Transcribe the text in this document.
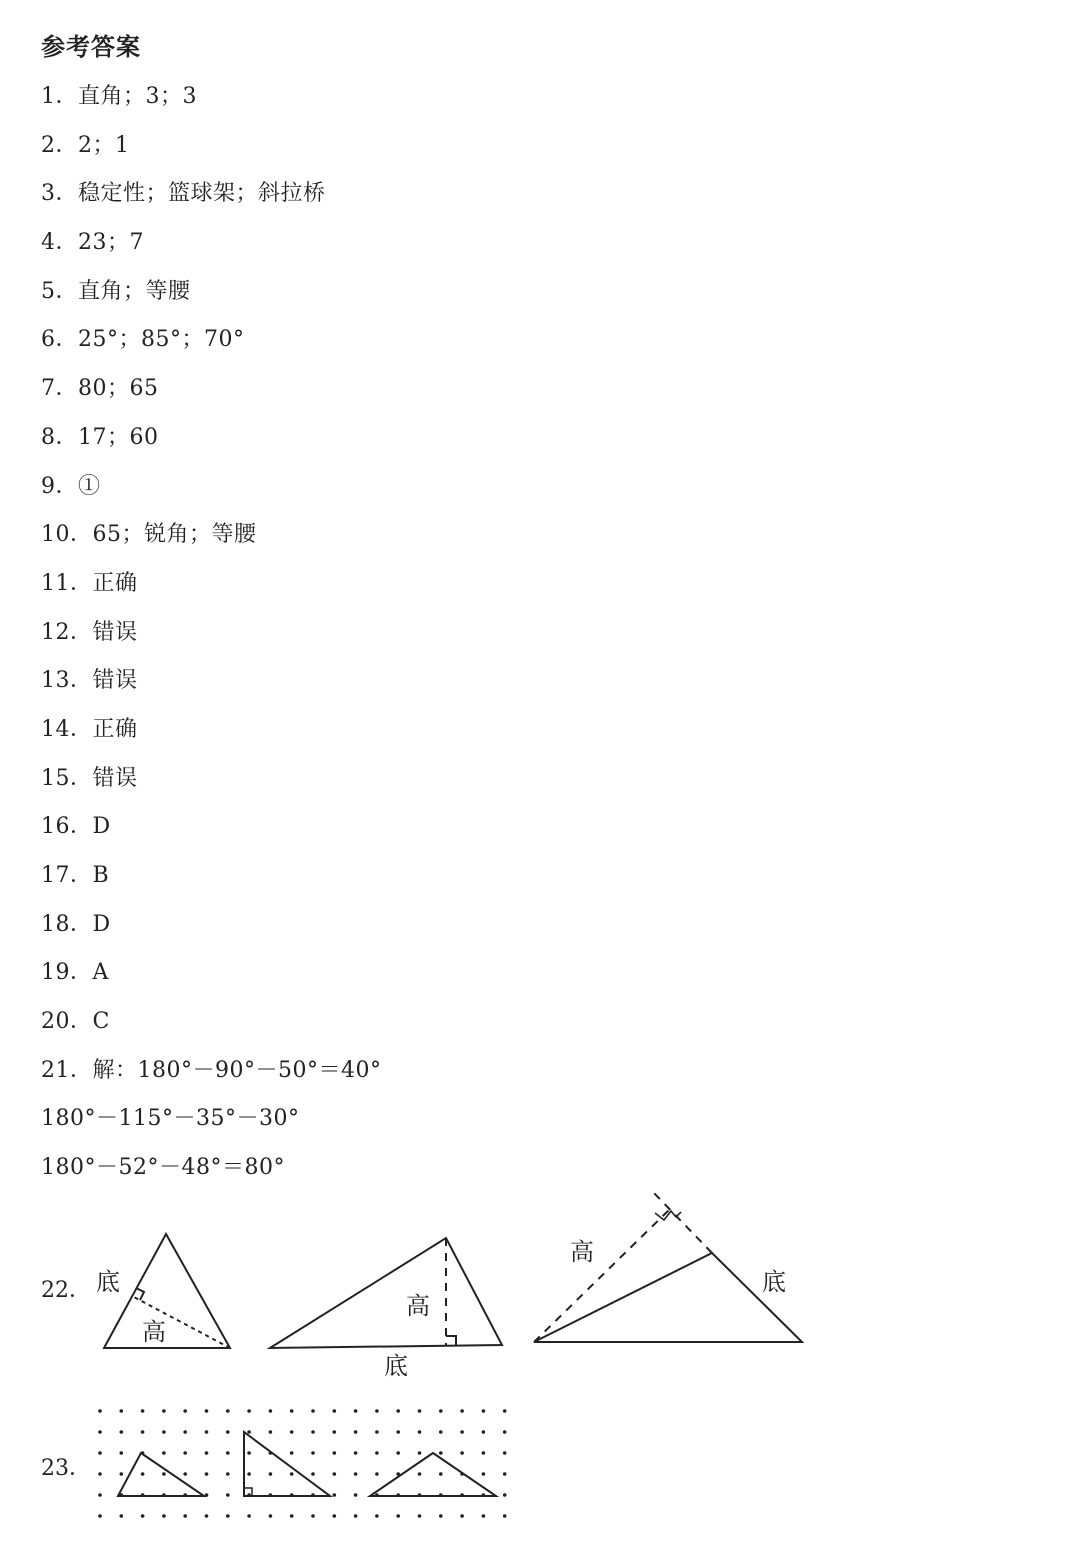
参考答案
1．直角；3；3
2．2；1
3．稳定性；篮球架；斜拉桥
4．23；7
5．直角；等腰
6．25°；85°；70°
7．80；65
8．17；60
9．①
10．65；锐角；等腰
11．正确
12．错误
13．错误
14．正确
15．错误
16．D
17．B
18．D
19．A
20．C
21．解：180°－90°－50°＝40°
180°－115°－35°－30°
180°－52°－48°＝80°
22．
23．
底
高
高
底
高
底
